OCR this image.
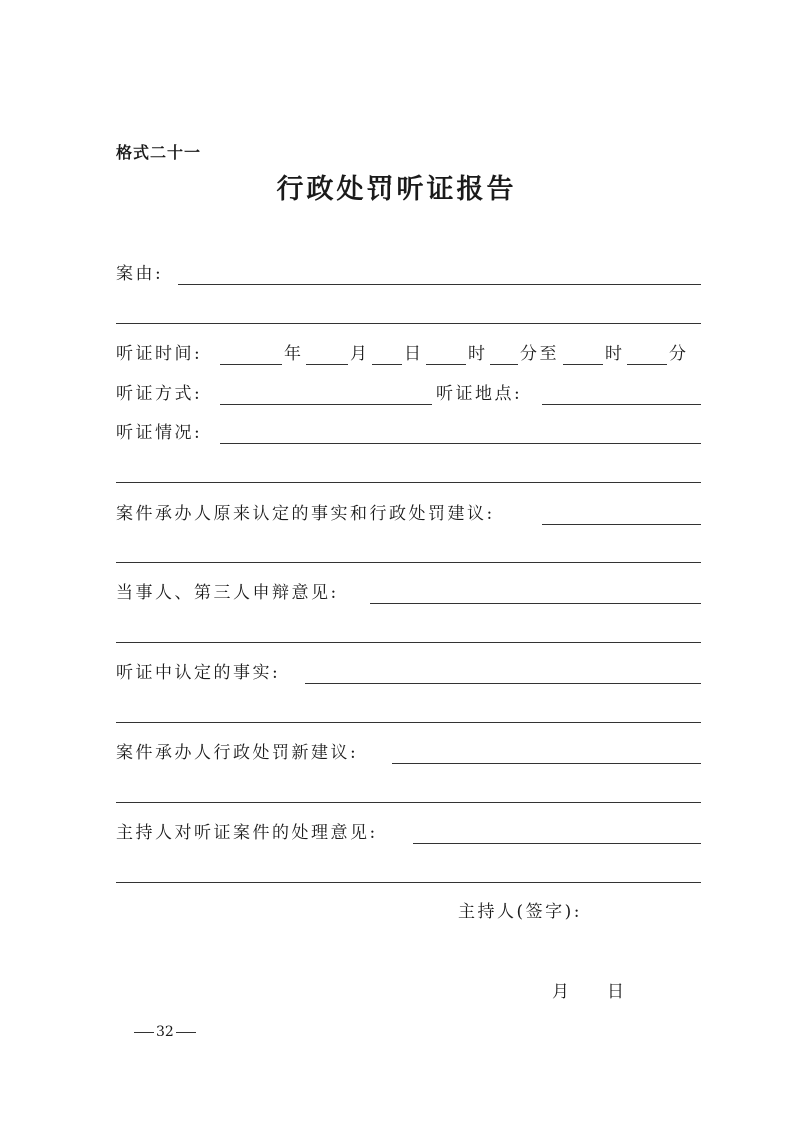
格式二十一
行政处罚听证报告
案由:
听证时间:	年	月 日	时 分至	时	分
听证方式:	听证地点:
听证情况:
案件承办人原来认定的事实和行政处罚建议:
当事人、第三人申辩意见:
听证中认定的事实:
案件承办人行政处罚新建议:
主持人对听证案件的处理意见:
主持人(签字):
月 日
32
